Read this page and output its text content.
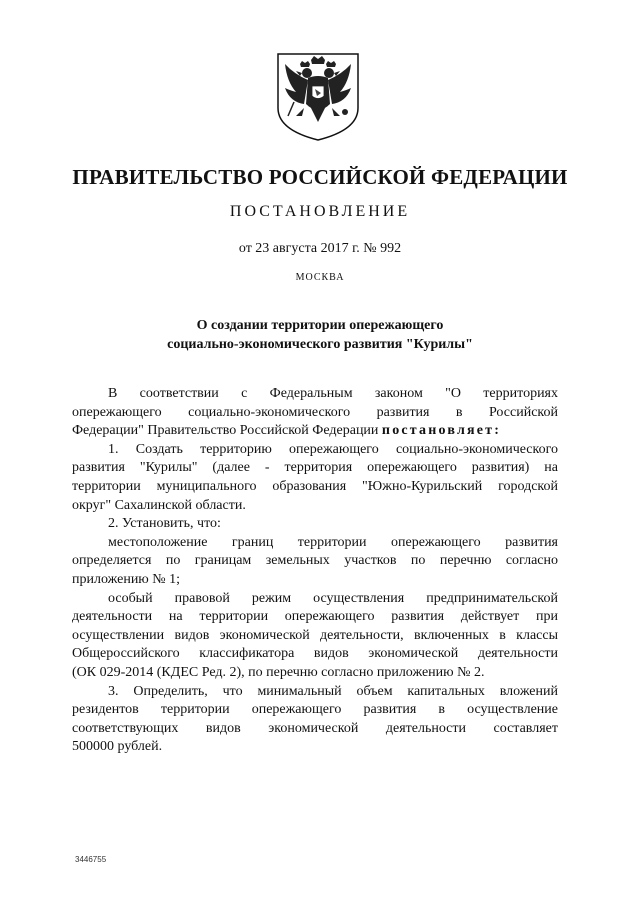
ПРАВИТЕЛЬСТВО РОССИЙСКОЙ ФЕДЕРАЦИИ
ПОСТАНОВЛЕНИЕ
от 23 августа 2017 г. № 992
МОСКВА
О создании территории опережающего
социально-экономического развития "Курилы"
В соответствии с Федеральным законом "О территориях
опережающего социально-экономического развития в Российской
Федерации" Правительство Российской Федерации постановляет:
1. Создать территорию опережающего социально-экономического
развития "Курилы" (далее - территория опережающего развития) на
территории муниципального образования "Южно-Курильский городской
округ" Сахалинской области.
2. Установить, что:
местоположение границ территории опережающего развития
определяется по границам земельных участков по перечню согласно
приложению № 1;
особый правовой режим осуществления предпринимательской
деятельности на территории опережающего развития действует при
осуществлении видов экономической деятельности, включенных в классы
Общероссийского классификатора видов экономической деятельности
(ОК 029-2014 (КДЕС Ред. 2), по перечню согласно приложению № 2.
3. Определить, что минимальный объем капитальных вложений
резидентов территории опережающего развития в осуществление
соответствующих видов экономической деятельности составляет
500000 рублей.
3446755
